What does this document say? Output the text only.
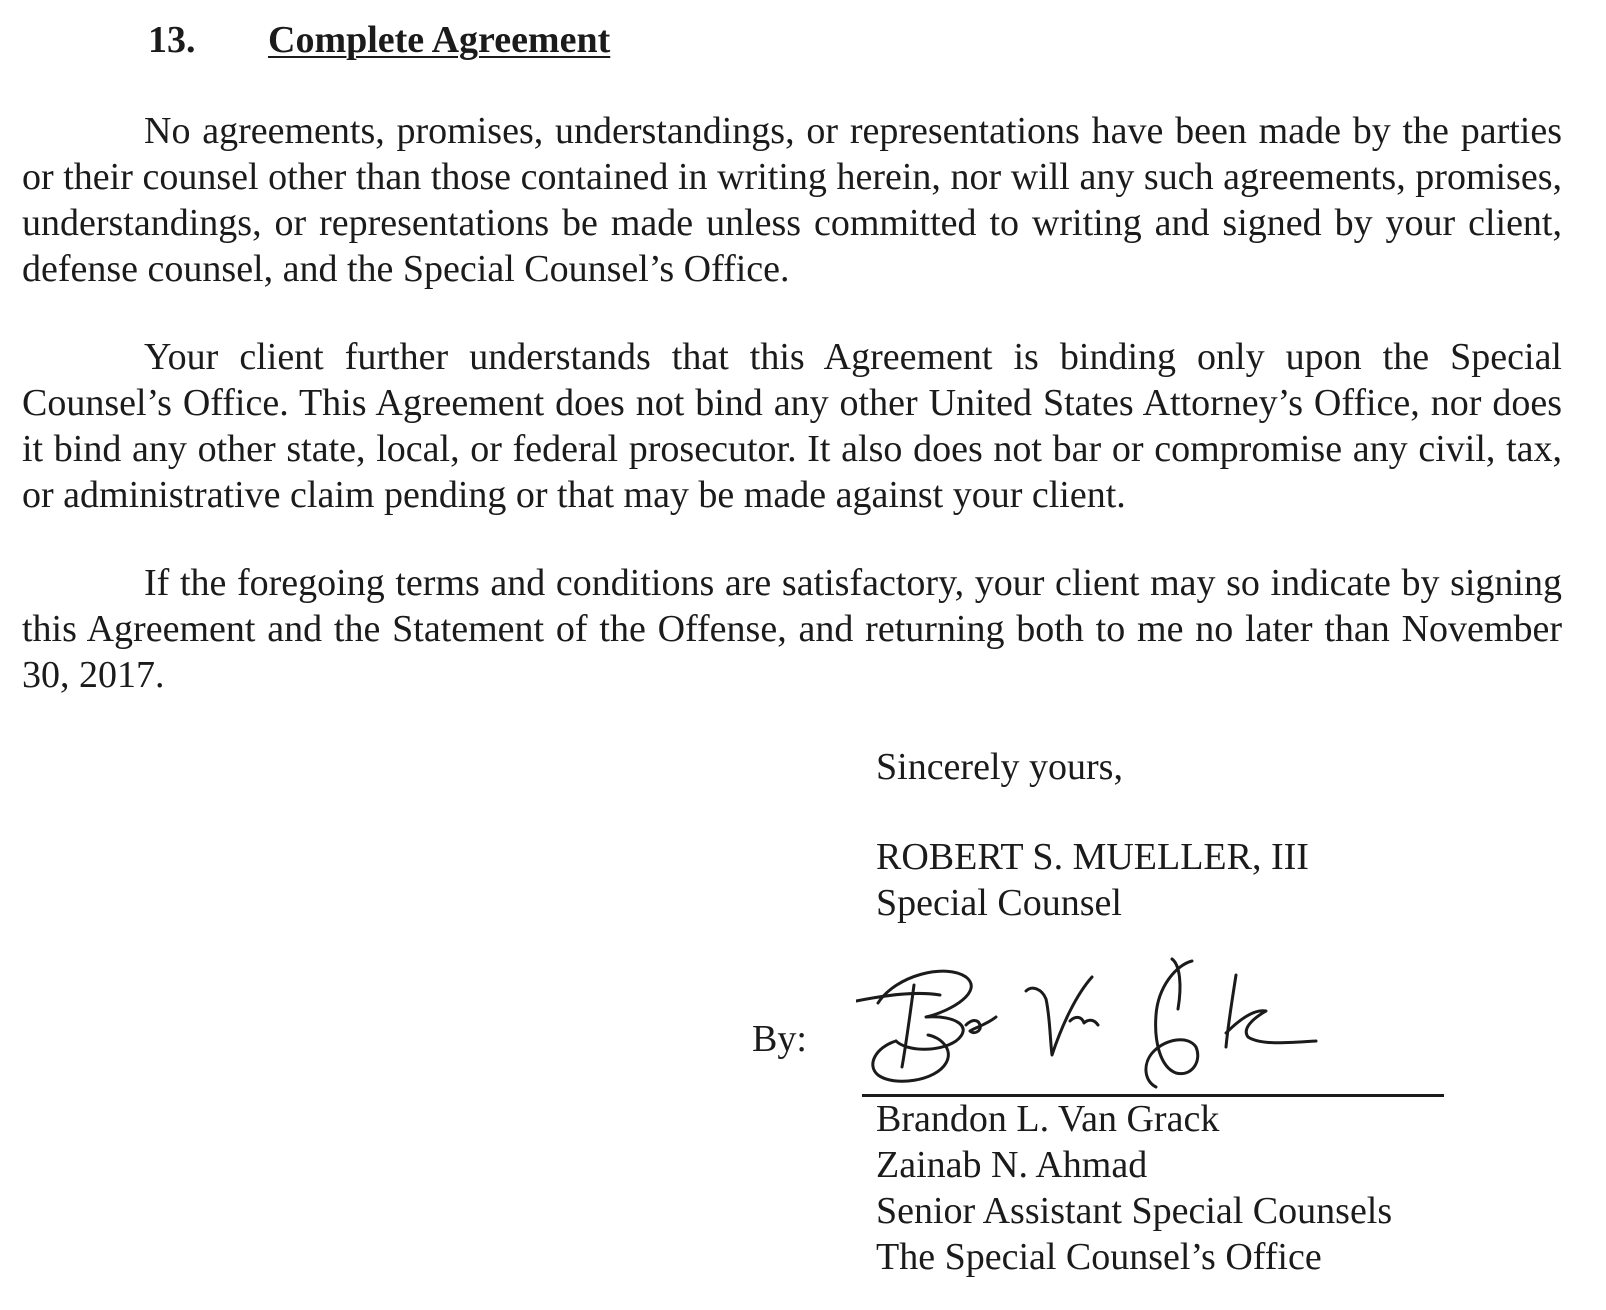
13. Complete Agreement

No agreements, promises, understandings, or representations have been made by the parties or their counsel other than those contained in writing herein, nor will any such agreements, promises, understandings, or representations be made unless committed to writing and signed by your client, defense counsel, and the Special Counsel’s Office.

Your client further understands that this Agreement is binding only upon the Special Counsel’s Office. This Agreement does not bind any other United States Attorney’s Office, nor does it bind any other state, local, or federal prosecutor. It also does not bar or compromise any civil, tax, or administrative claim pending or that may be made against your client.

If the foregoing terms and conditions are satisfactory, your client may so indicate by signing this Agreement and the Statement of the Offense, and returning both to me no later than November 30, 2017.

Sincerely yours,
ROBERT S. MUELLER, III
Special Counsel
By:
Brandon L. Van Grack
Zainab N. Ahmad
Senior Assistant Special Counsels
The Special Counsel’s Office
